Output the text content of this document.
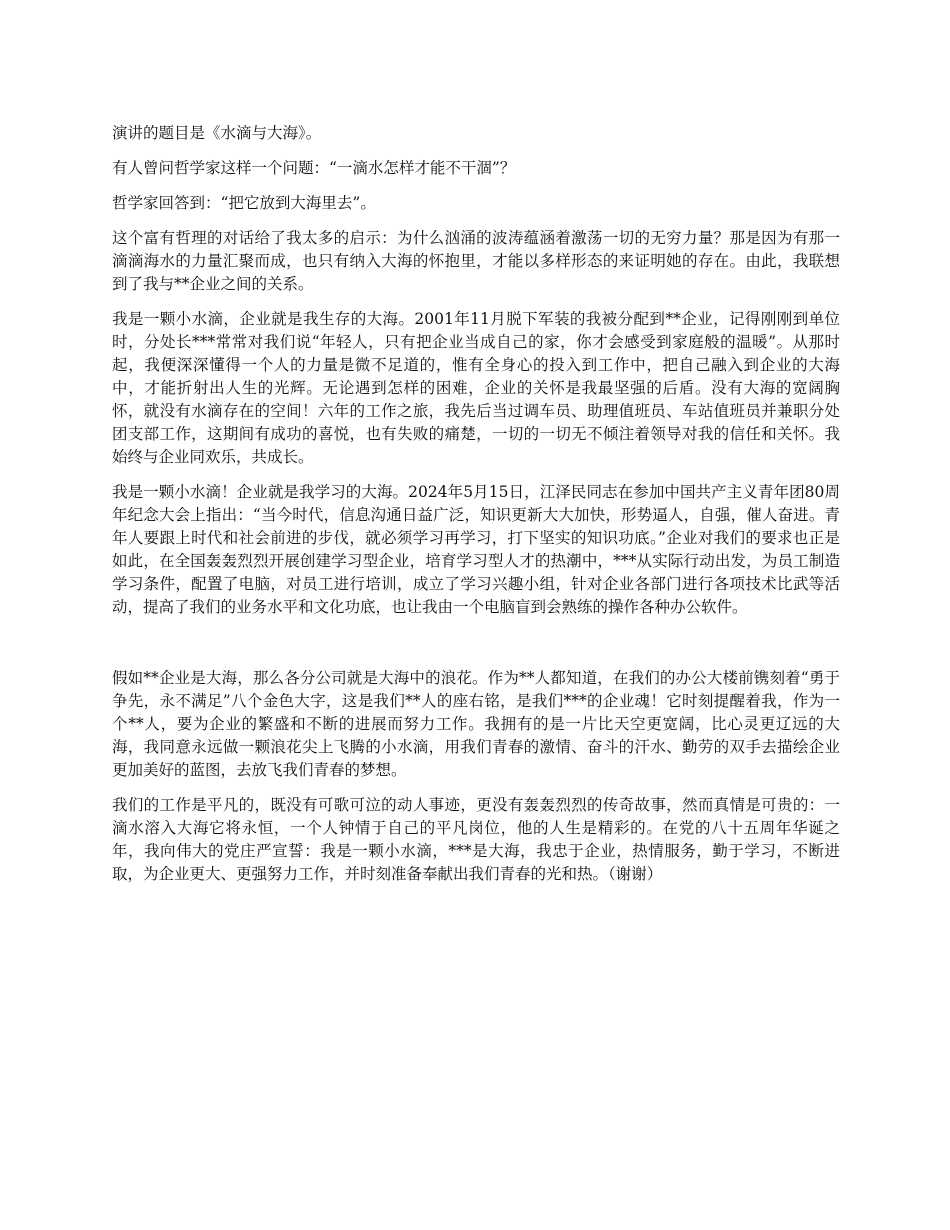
演讲的题目是《水滴与大海》。

有人曾问哲学家这样一个问题：“一滴水怎样才能不干涸”？

哲学家回答到：“把它放到大海里去”。

这个富有哲理的对话给了我太多的启示：为什么汹涌的波涛蕴涵着激荡一切的无穷力量？那是因为有那一滴滴海水的力量汇聚而成，也只有纳入大海的怀抱里，才能以多样形态的来证明她的存在。由此，我联想到了我与**企业之间的关系。

我是一颗小水滴，企业就是我生存的大海。2001年11月脱下军装的我被分配到**企业，记得刚刚到单位时，分处长***常常对我们说“年轻人，只有把企业当成自己的家，你才会感受到家庭般的温暖”。从那时起，我便深深懂得一个人的力量是微不足道的，惟有全身心的投入到工作中，把自己融入到企业的大海中，才能折射出人生的光辉。无论遇到怎样的困难，企业的关怀是我最坚强的后盾。没有大海的宽阔胸怀，就没有水滴存在的空间！六年的工作之旅，我先后当过调车员、助理值班员、车站值班员并兼职分处团支部工作，这期间有成功的喜悦，也有失败的痛楚，一切的一切无不倾注着领导对我的信任和关怀。我始终与企业同欢乐，共成长。

我是一颗小水滴！企业就是我学习的大海。2024年5月15日，江泽民同志在参加中国共产主义青年团80周年纪念大会上指出：“当今时代，信息沟通日益广泛，知识更新大大加快，形势逼人，自强，催人奋进。青年人要跟上时代和社会前进的步伐，就必须学习再学习，打下坚实的知识功底。”企业对我们的要求也正是如此，在全国轰轰烈烈开展创建学习型企业，培育学习型人才的热潮中，***从实际行动出发，为员工制造学习条件，配置了电脑，对员工进行培训，成立了学习兴趣小组，针对企业各部门进行各项技术比武等活动，提高了我们的业务水平和文化功底，也让我由一个电脑盲到会熟练的操作各种办公软件。

假如**企业是大海，那么各分公司就是大海中的浪花。作为**人都知道，在我们的办公大楼前镌刻着“勇于争先，永不满足”八个金色大字，这是我们**人的座右铭，是我们***的企业魂！它时刻提醒着我，作为一个**人，要为企业的繁盛和不断的进展而努力工作。我拥有的是一片比天空更宽阔，比心灵更辽远的大海，我同意永远做一颗浪花尖上飞腾的小水滴，用我们青春的激情、奋斗的汗水、勤劳的双手去描绘企业更加美好的蓝图，去放飞我们青春的梦想。

我们的工作是平凡的，既没有可歌可泣的动人事迹，更没有轰轰烈烈的传奇故事，然而真情是可贵的：一滴水溶入大海它将永恒，一个人钟情于自己的平凡岗位，他的人生是精彩的。在党的八十五周年华诞之年，我向伟大的党庄严宣誓：我是一颗小水滴，***是大海，我忠于企业，热情服务，勤于学习，不断进取，为企业更大、更强努力工作，并时刻准备奉献出我们青春的光和热。（谢谢）
